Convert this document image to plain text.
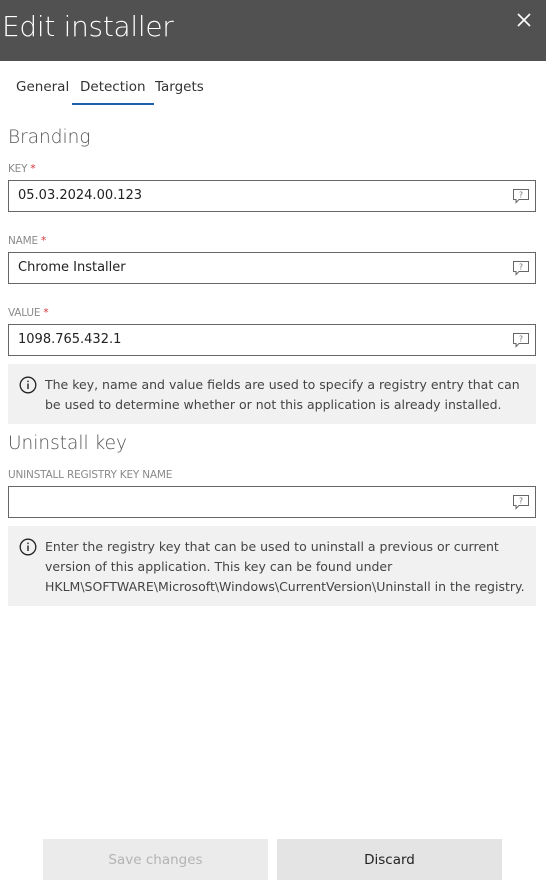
Edit installer
General Detection Targets
Branding
KEY *
05.03.2024.00.123	?
NAME *
Chrome Installer	?
VALUE *
1098.765.432.1	?
The key, name and value fields are used to specify a registry entry that can be used to determine whether or not this application is already installed.
Uninstall key
UNINSTALL REGISTRY KEY NAME
?
Enter the registry key that can be used to uninstall a previous or current version of this application. This key can be found under HKLM\SOFTWARE\Microsoft\Windows\CurrentVersion\Uninstall in the registry.
Save changes	Discard
